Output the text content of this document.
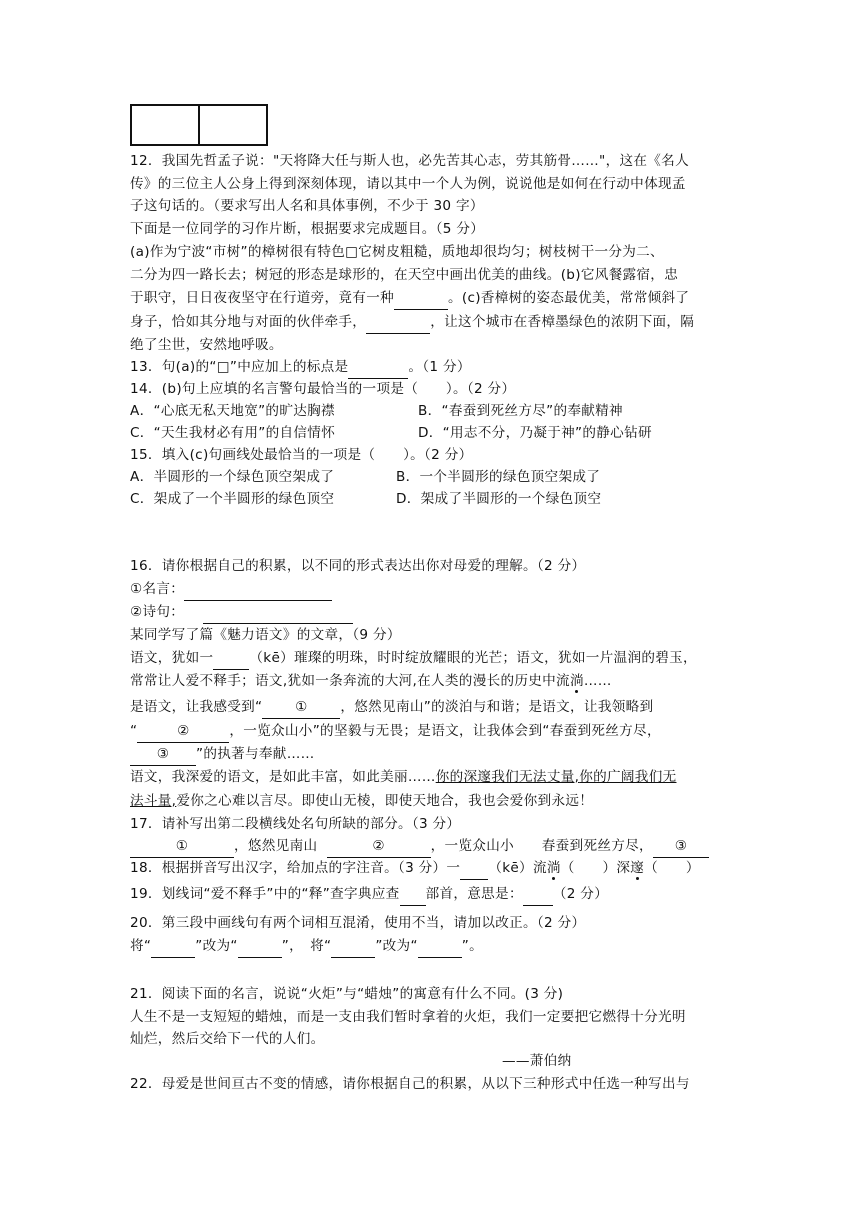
12．我国先哲孟子说："天将降大任与斯人也，必先苦其心志，劳其筋骨……"，这在《名人
传》的三位主人公身上得到深刻体现，请以其中一个人为例，说说他是如何在行动中体现孟
子这句话的。（要求写出人名和具体事例，不少于 30 字）
下面是一位同学的习作片断，根据要求完成题目。（5 分）
(a)作为宁波“市树”的樟树很有特色□它树皮粗糙，质地却很均匀；树枝树干一分为二、
二分为四一路长去；树冠的形态是球形的，在天空中画出优美的曲线。(b)它风餐露宿，忠
于职守，日日夜夜坚守在行道旁，竟有一种	。(c)香樟树的姿态最优美，常常倾斜了
身子，恰如其分地与对面的伙伴牵手，	，让这个城市在香樟墨绿色的浓阴下面，隔
绝了尘世，安然地呼吸。
13．句(a)的“□”中应加上的标点是	。（1 分）
14．(b)句上应填的名言警句最恰当的一项是（　　）。（2 分）
A．“心底无私天地宽”的旷达胸襟	B．“春蚕到死丝方尽”的奉献精神
C．“天生我材必有用”的自信情怀	D．“用志不分，乃凝于神”的静心钻研
15．填入(c)句画线处最恰当的一项是（　　）。（2 分）
A．半圆形的一个绿色顶空架成了	B．一个半圆形的绿色顶空架成了
C．架成了一个半圆形的绿色顶空	D．架成了半圆形的一个绿色顶空
16．请你根据自己的积累，以不同的形式表达出你对母爱的理解。（2 分）
①名言：
②诗句：
某同学写了篇《魅力语文》的文章，（9 分）
语文，犹如一	（kē）璀璨的明珠，时时绽放耀眼的光芒；语文，犹如一片温润的碧玉，
常常让人爱不释手；语文,犹如一条奔流的大河,在人类的漫长的历史中流淌……
是语文，让我感受到“ ① ，悠然见南山”的淡泊与和谐；是语文，让我领略到
“	②	，一览众山小”的坚毅与无畏；是语文，让我体会到“春蚕到死丝方尽，
③ ”的执著与奉献……
语文，我深爱的语文，是如此丰富，如此美丽……你的深邃我们无法丈量,你的广阔我们无
法斗量,爱你之心难以言尽。即使山无棱，即使天地合，我也会爱你到永远！
17．请补写出第二段横线处名句所缺的部分。（3 分）
①	，悠然见南山	②	，一览众山小　　春蚕到死丝方尽， ③
18．根据拼音写出汉字，给加点的字注音。（3 分）一 （kē）流淌（　　）深邃（　　）
19．划线词“爱不释手”中的“释”查字典应查 部首，意思是： （2 分）
20．第三段中画线句有两个词相互混淆，使用不当，请加以改正。（2 分）
将“	”改为“	”，　将“	”改为“	”。
21．阅读下面的名言，说说“火炬”与“蜡烛”的寓意有什么不同。(3 分)
人生不是一支短短的蜡烛，而是一支由我们暂时拿着的火炬，我们一定要把它燃得十分光明
灿烂，然后交给下一代的人们。
——萧伯纳
22．母爱是世间亘古不变的情感，请你根据自己的积累，从以下三种形式中任选一种写出与
